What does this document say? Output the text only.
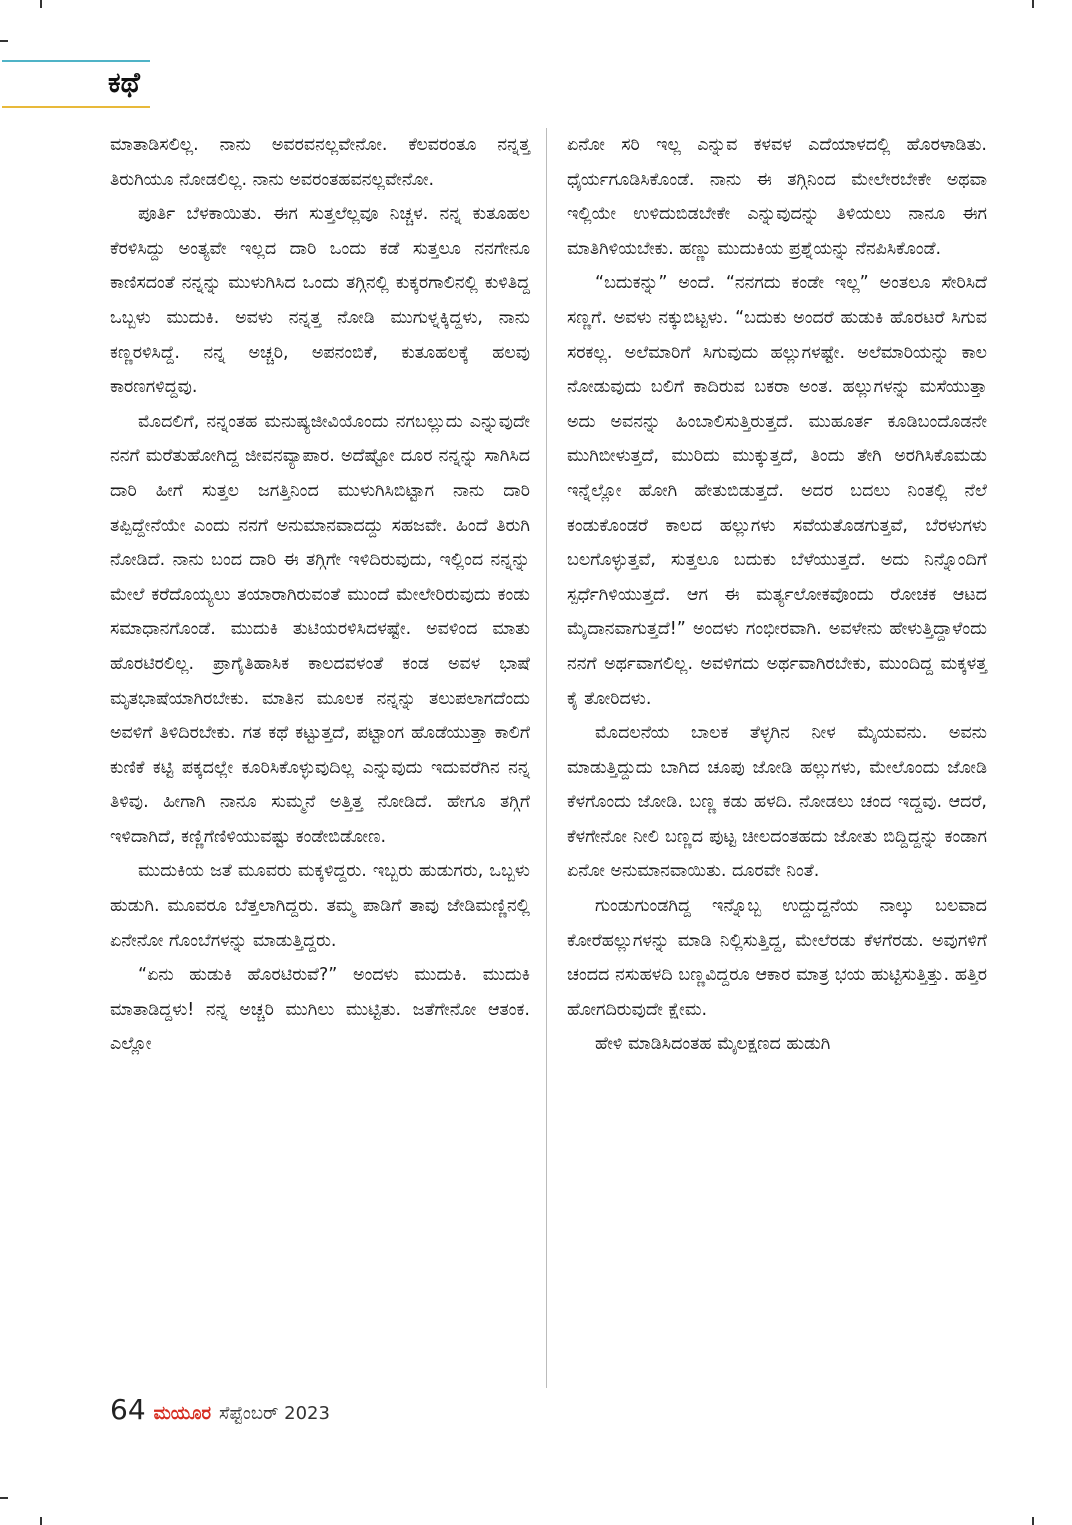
ಕಥೆ

ಮಾತಾಡಿಸಲಿಲ್ಲ. ನಾನು ಅವರವನಲ್ಲವೇನೋ. ಕೆಲವರಂತೂ ನನ್ನತ್ತ ತಿರುಗಿಯೂ ನೋಡಲಿಲ್ಲ. ನಾನು ಅವರಂತಹವನಲ್ಲವೇನೋ.

ಪೂರ್ತಿ ಬೆಳಕಾಯಿತು. ಈಗ ಸುತ್ತಲೆಲ್ಲವೂ ನಿಚ್ಚಳ. ನನ್ನ ಕುತೂಹಲ ಕೆರಳಿಸಿದ್ದು ಅಂತ್ಯವೇ ಇಲ್ಲದ ದಾರಿ ಒಂದು ಕಡೆ ಸುತ್ತಲೂ ನನಗೇನೂ ಕಾಣಿಸದಂತೆ ನನ್ನನ್ನು ಮುಳುಗಿಸಿದ ಒಂದು ತಗ್ಗಿನಲ್ಲಿ ಕುಕ್ಕರಗಾಲಿನಲ್ಲಿ ಕುಳಿತಿದ್ದ ಒಬ್ಬಳು ಮುದುಕಿ. ಅವಳು ನನ್ನತ್ತ ನೋಡಿ ಮುಗುಳ್ನಕ್ಕಿದ್ದಳು, ನಾನು ಕಣ್ಣರಳಿಸಿದ್ದೆ. ನನ್ನ ಅಚ್ಚರಿ, ಅಪನಂಬಿಕೆ, ಕುತೂಹಲಕ್ಕೆ ಹಲವು ಕಾರಣಗಳಿದ್ದವು.

ಮೊದಲಿಗೆ, ನನ್ನಂತಹ ಮನುಷ್ಯಜೀವಿಯೊಂದು ನಗಬಲ್ಲುದು ಎನ್ನುವುದೇ ನನಗೆ ಮರೆತುಹೋಗಿದ್ದ ಜೀವನವ್ಯಾಪಾರ. ಅದೆಷ್ಟೋ ದೂರ ನನ್ನನ್ನು ಸಾಗಿಸಿದ ದಾರಿ ಹೀಗೆ ಸುತ್ತಲ ಜಗತ್ತಿನಿಂದ ಮುಳುಗಿಸಿಬಿಟ್ಟಾಗ ನಾನು ದಾರಿ ತಪ್ಪಿದ್ದೇನೆಯೇ ಎಂದು ನನಗೆ ಅನುಮಾನವಾದದ್ದು ಸಹಜವೇ. ಹಿಂದೆ ತಿರುಗಿ ನೋಡಿದೆ. ನಾನು ಬಂದ ದಾರಿ ಈ ತಗ್ಗಿಗೇ ಇಳಿದಿರುವುದು, ಇಲ್ಲಿಂದ ನನ್ನನ್ನು ಮೇಲೆ ಕರೆದೊಯ್ಯಲು ತಯಾರಾಗಿರುವಂತೆ ಮುಂದೆ ಮೇಲೇರಿರುವುದು ಕಂಡು ಸಮಾಧಾನಗೊಂಡೆ. ಮುದುಕಿ ತುಟಿಯರಳಿಸಿದಳಷ್ಟೇ. ಅವಳಿಂದ ಮಾತು ಹೊರಟಿರಲಿಲ್ಲ. ಪ್ರಾಗೈತಿಹಾಸಿಕ ಕಾಲದವಳಂತೆ ಕಂಡ ಅವಳ ಭಾಷೆ ಮೃತಭಾಷೆಯಾಗಿರಬೇಕು. ಮಾತಿನ ಮೂಲಕ ನನ್ನನ್ನು ತಲುಪಲಾಗದೆಂದು ಅವಳಿಗೆ ತಿಳಿದಿರಬೇಕು. ಗತ ಕಥೆ ಕಟ್ಟುತ್ತದೆ, ಪಟ್ಟಾಂಗ ಹೊಡೆಯುತ್ತಾ ಕಾಲಿಗೆ ಕುಣಿಕೆ ಕಟ್ಟಿ ಪಕ್ಕದಲ್ಲೇ ಕೂರಿಸಿಕೊಳ್ಳುವುದಿಲ್ಲ ಎನ್ನುವುದು ಇದುವರೆಗಿನ ನನ್ನ ತಿಳಿವು. ಹೀಗಾಗಿ ನಾನೂ ಸುಮ್ಮನೆ ಅತ್ತಿತ್ತ ನೋಡಿದೆ. ಹೇಗೂ ತಗ್ಗಿಗೆ ಇಳಿದಾಗಿದೆ, ಕಣ್ಣಿಗೆಣಿಳಿಯುವಷ್ಟು ಕಂಡೇಬಿಡೋಣ.

ಮುದುಕಿಯ ಜತೆ ಮೂವರು ಮಕ್ಕಳಿದ್ದರು. ಇಬ್ಬರು ಹುಡುಗರು, ಒಬ್ಬಳು ಹುಡುಗಿ. ಮೂವರೂ ಬೆತ್ತಲಾಗಿದ್ದರು. ತಮ್ಮ ಪಾಡಿಗೆ ತಾವು ಜೇಡಿಮಣ್ಣಿನಲ್ಲಿ ಏನೇನೋ ಗೊಂಬೆಗಳನ್ನು ಮಾಡುತ್ತಿದ್ದರು.

“ಏನು ಹುಡುಕಿ ಹೊರಟಿರುವೆ?” ಅಂದಳು ಮುದುಕಿ. ಮುದುಕಿ ಮಾತಾಡಿದ್ದಳು! ನನ್ನ ಅಚ್ಚರಿ ಮುಗಿಲು ಮುಟ್ಟಿತು. ಜತೆಗೇನೋ ಆತಂಕ. ಎಲ್ಲೋ

ಏನೋ ಸರಿ ಇಲ್ಲ ಎನ್ನುವ ಕಳವಳ ಎದೆಯಾಳದಲ್ಲಿ ಹೊರಳಾಡಿತು. ಧೈರ್ಯಗೂಡಿಸಿಕೊಂಡೆ. ನಾನು ಈ ತಗ್ಗಿನಿಂದ ಮೇಲೇರಬೇಕೇ ಅಥವಾ ಇಲ್ಲಿಯೇ ಉಳಿದುಬಿಡಬೇಕೇ ಎನ್ನುವುದನ್ನು ತಿಳಿಯಲು ನಾನೂ ಈಗ ಮಾತಿಗಿಳಿಯಬೇಕು. ಹಣ್ಣು ಮುದುಕಿಯ ಪ್ರಶ್ನೆಯನ್ನು ನೆನಪಿಸಿಕೊಂಡೆ.

“ಬದುಕನ್ನು” ಅಂದೆ. “ನನಗದು ಕಂಡೇ ಇಲ್ಲ” ಅಂತಲೂ ಸೇರಿಸಿದೆ ಸಣ್ಣಗೆ. ಅವಳು ನಕ್ಕುಬಿಟ್ಟಳು. “ಬದುಕು ಅಂದರೆ ಹುಡುಕಿ ಹೊರಟರೆ ಸಿಗುವ ಸರಕಲ್ಲ. ಅಲೆಮಾರಿಗೆ ಸಿಗುವುದು ಹಲ್ಲುಗಳಷ್ಟೇ. ಅಲೆಮಾರಿಯನ್ನು ಕಾಲ ನೋಡುವುದು ಬಲಿಗೆ ಕಾದಿರುವ ಬಕರಾ ಅಂತ. ಹಲ್ಲುಗಳನ್ನು ಮಸೆಯುತ್ತಾ ಅದು ಅವನನ್ನು ಹಿಂಬಾಲಿಸುತ್ತಿರುತ್ತದೆ. ಮುಹೂರ್ತ ಕೂಡಿಬಂದೊಡನೇ ಮುಗಿಬೀಳುತ್ತದೆ, ಮುರಿದು ಮುಕ್ಕುತ್ತದೆ, ತಿಂದು ತೇಗಿ ಅರಗಿಸಿಕೊಮಡು ಇನ್ನೆಲ್ಲೋ ಹೋಗಿ ಹೇತುಬಿಡುತ್ತದೆ. ಅದರ ಬದಲು ನಿಂತಲ್ಲಿ ನೆಲೆ ಕಂಡುಕೊಂಡರೆ ಕಾಲದ ಹಲ್ಲುಗಳು ಸವೆಯತೊಡಗುತ್ತವೆ, ಬೆರಳುಗಳು ಬಲಗೊಳ್ಳುತ್ತವೆ, ಸುತ್ತಲೂ ಬದುಕು ಬೆಳೆಯುತ್ತದೆ. ಅದು ನಿನ್ನೊಂದಿಗೆ ಸ್ಪರ್ಧೆಗಿಳಿಯುತ್ತದೆ. ಆಗ ಈ ಮರ್ತ್ಯಲೋಕವೊಂದು ರೋಚಕ ಆಟದ ಮೈದಾನವಾಗುತ್ತದೆ!” ಅಂದಳು ಗಂಭೀರವಾಗಿ. ಅವಳೇನು ಹೇಳುತ್ತಿದ್ದಾಳೆಂದು ನನಗೆ ಅರ್ಥವಾಗಲಿಲ್ಲ. ಅವಳಿಗದು ಅರ್ಥವಾಗಿರಬೇಕು, ಮುಂದಿದ್ದ ಮಕ್ಕಳತ್ತ ಕೈ ತೋರಿದಳು.

ಮೊದಲನೆಯ ಬಾಲಕ ತೆಳ್ಳಗಿನ ನೀಳ ಮೈಯವನು. ಅವನು ಮಾಡುತ್ತಿದ್ದುದು ಬಾಗಿದ ಚೂಪು ಜೋಡಿ ಹಲ್ಲುಗಳು, ಮೇಲೊಂದು ಜೋಡಿ ಕೆಳಗೊಂದು ಜೋಡಿ. ಬಣ್ಣ ಕಡು ಹಳದಿ. ನೋಡಲು ಚಂದ ಇದ್ದವು. ಆದರೆ, ಕೆಳಗೇನೋ ನೀಲಿ ಬಣ್ಣದ ಪುಟ್ಟ ಚೀಲದಂತಹದು ಜೋತು ಬಿದ್ದಿದ್ದನ್ನು ಕಂಡಾಗ ಏನೋ ಅನುಮಾನವಾಯಿತು. ದೂರವೇ ನಿಂತೆ.

ಗುಂಡುಗುಂಡಗಿದ್ದ ಇನ್ನೊಬ್ಬ ಉದ್ದುದ್ದನೆಯ ನಾಲ್ಕು ಬಲವಾದ ಕೋರೆಹಲ್ಲುಗಳನ್ನು ಮಾಡಿ ನಿಲ್ಲಿಸುತ್ತಿದ್ದ, ಮೇಲೆರಡು ಕೆಳಗೆರಡು. ಅವುಗಳಿಗೆ ಚಂದದ ನಸುಹಳದಿ ಬಣ್ಣವಿದ್ದರೂ ಆಕಾರ ಮಾತ್ರ ಭಯ ಹುಟ್ಟಿಸುತ್ತಿತ್ತು. ಹತ್ತಿರ ಹೋಗದಿರುವುದೇ ಕ್ಷೇಮ.

ಹೇಳಿ ಮಾಡಿಸಿದಂತಹ ಮೈಲಕ್ಷಣದ ಹುಡುಗಿ

64 ಮಯೂರ ಸೆಪ್ಟೆಂಬರ್ 2023
